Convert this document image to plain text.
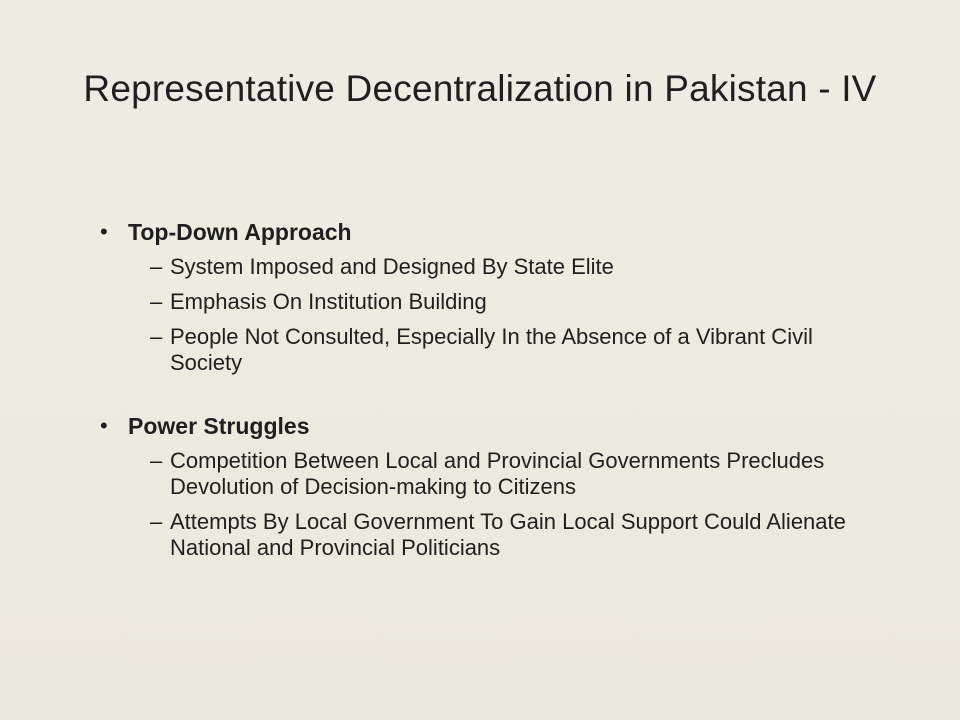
Representative Decentralization in Pakistan - IV
• Top-Down Approach
– System Imposed and Designed By State Elite
– Emphasis On Institution Building
– People Not Consulted, Especially In the Absence of a Vibrant Civil Society
• Power Struggles
– Competition Between Local and Provincial Governments Precludes Devolution of Decision-making to Citizens
– Attempts By Local Government To Gain Local Support Could Alienate National and Provincial Politicians
